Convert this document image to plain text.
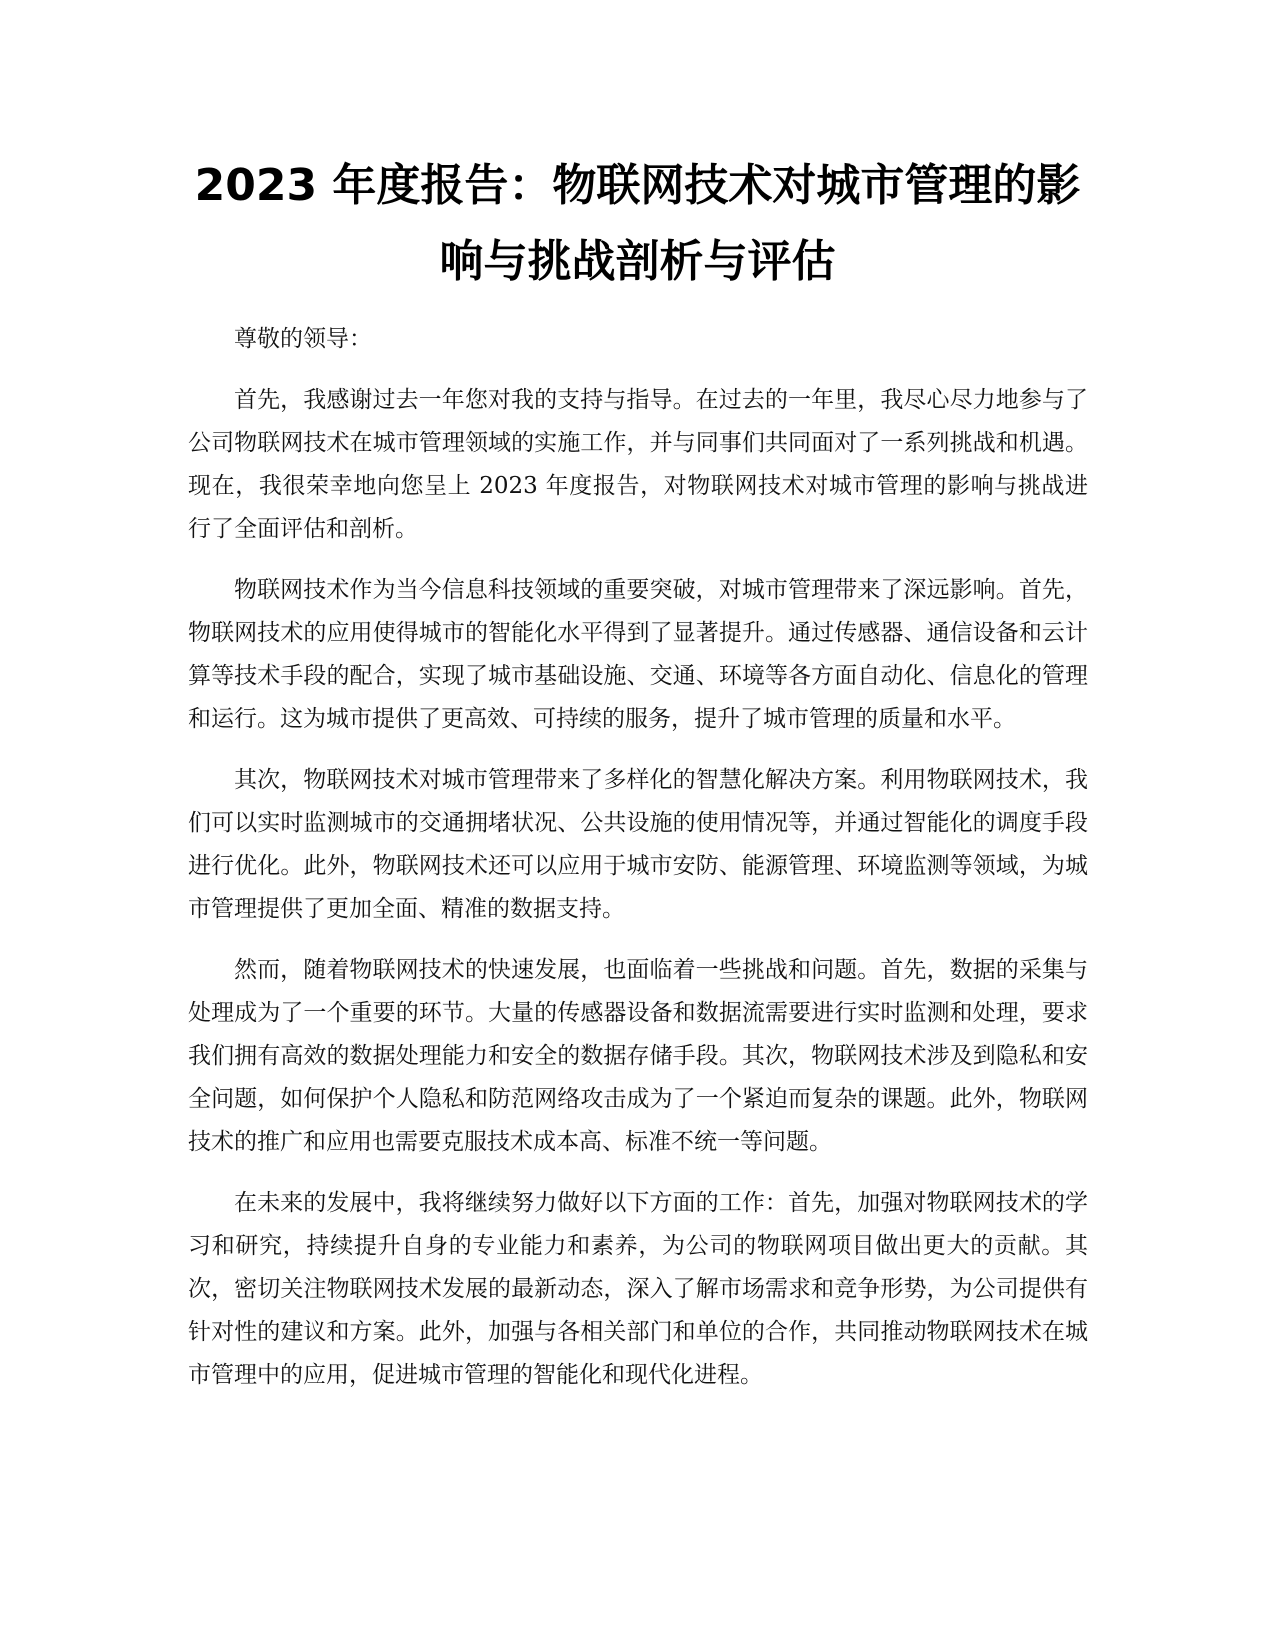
2023 年度报告：物联网技术对城市管理的影
响与挑战剖析与评估

尊敬的领导：

首先，我感谢过去一年您对我的支持与指导。在过去的一年里，我尽心尽力地参与了公司物联网技术在城市管理领域的实施工作，并与同事们共同面对了一系列挑战和机遇。现在，我很荣幸地向您呈上 2023 年度报告，对物联网技术对城市管理的影响与挑战进行了全面评估和剖析。

物联网技术作为当今信息科技领域的重要突破，对城市管理带来了深远影响。首先，物联网技术的应用使得城市的智能化水平得到了显著提升。通过传感器、通信设备和云计算等技术手段的配合，实现了城市基础设施、交通、环境等各方面自动化、信息化的管理和运行。这为城市提供了更高效、可持续的服务，提升了城市管理的质量和水平。

其次，物联网技术对城市管理带来了多样化的智慧化解决方案。利用物联网技术，我们可以实时监测城市的交通拥堵状况、公共设施的使用情况等，并通过智能化的调度手段进行优化。此外，物联网技术还可以应用于城市安防、能源管理、环境监测等领域，为城市管理提供了更加全面、精准的数据支持。

然而，随着物联网技术的快速发展，也面临着一些挑战和问题。首先，数据的采集与处理成为了一个重要的环节。大量的传感器设备和数据流需要进行实时监测和处理，要求我们拥有高效的数据处理能力和安全的数据存储手段。其次，物联网技术涉及到隐私和安全问题，如何保护个人隐私和防范网络攻击成为了一个紧迫而复杂的课题。此外，物联网技术的推广和应用也需要克服技术成本高、标准不统一等问题。

在未来的发展中，我将继续努力做好以下方面的工作：首先，加强对物联网技术的学习和研究，持续提升自身的专业能力和素养，为公司的物联网项目做出更大的贡献。其次，密切关注物联网技术发展的最新动态，深入了解市场需求和竞争形势，为公司提供有针对性的建议和方案。此外，加强与各相关部门和单位的合作，共同推动物联网技术在城市管理中的应用，促进城市管理的智能化和现代化进程。
